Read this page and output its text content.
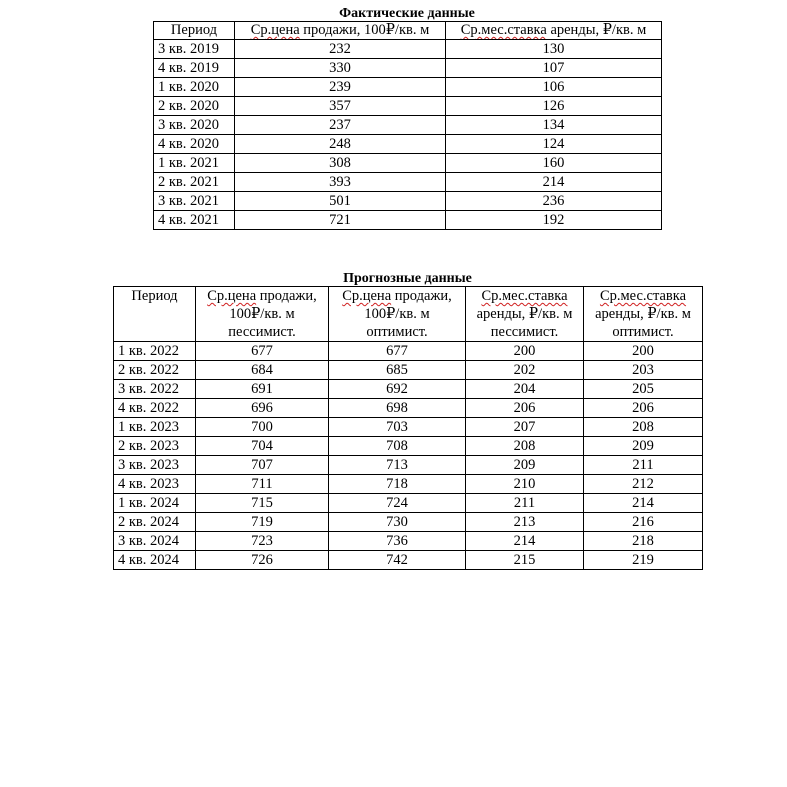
Фактические данные
Период	Ср.цена продажи, 100₽/кв. м	Ср.мес.ставка аренды, ₽/кв. м
3 кв. 2019	232	130
4 кв. 2019	330	107
1 кв. 2020	239	106
2 кв. 2020	357	126
3 кв. 2020	237	134
4 кв. 2020	248	124
1 кв. 2021	308	160
2 кв. 2021	393	214
3 кв. 2021	501	236
4 кв. 2021	721	192
Прогнозные данные
Период	Ср.цена продажи,
100₽/кв. м
пессимист.	Ср.цена продажи,
100₽/кв. м
оптимист.	Ср.мес.ставка
аренды, ₽/кв. м
пессимист.	Ср.мес.ставка
аренды, ₽/кв. м
оптимист.
1 кв. 2022	677	677	200	200
2 кв. 2022	684	685	202	203
3 кв. 2022	691	692	204	205
4 кв. 2022	696	698	206	206
1 кв. 2023	700	703	207	208
2 кв. 2023	704	708	208	209
3 кв. 2023	707	713	209	211
4 кв. 2023	711	718	210	212
1 кв. 2024	715	724	211	214
2 кв. 2024	719	730	213	216
3 кв. 2024	723	736	214	218
4 кв. 2024	726	742	215	219
